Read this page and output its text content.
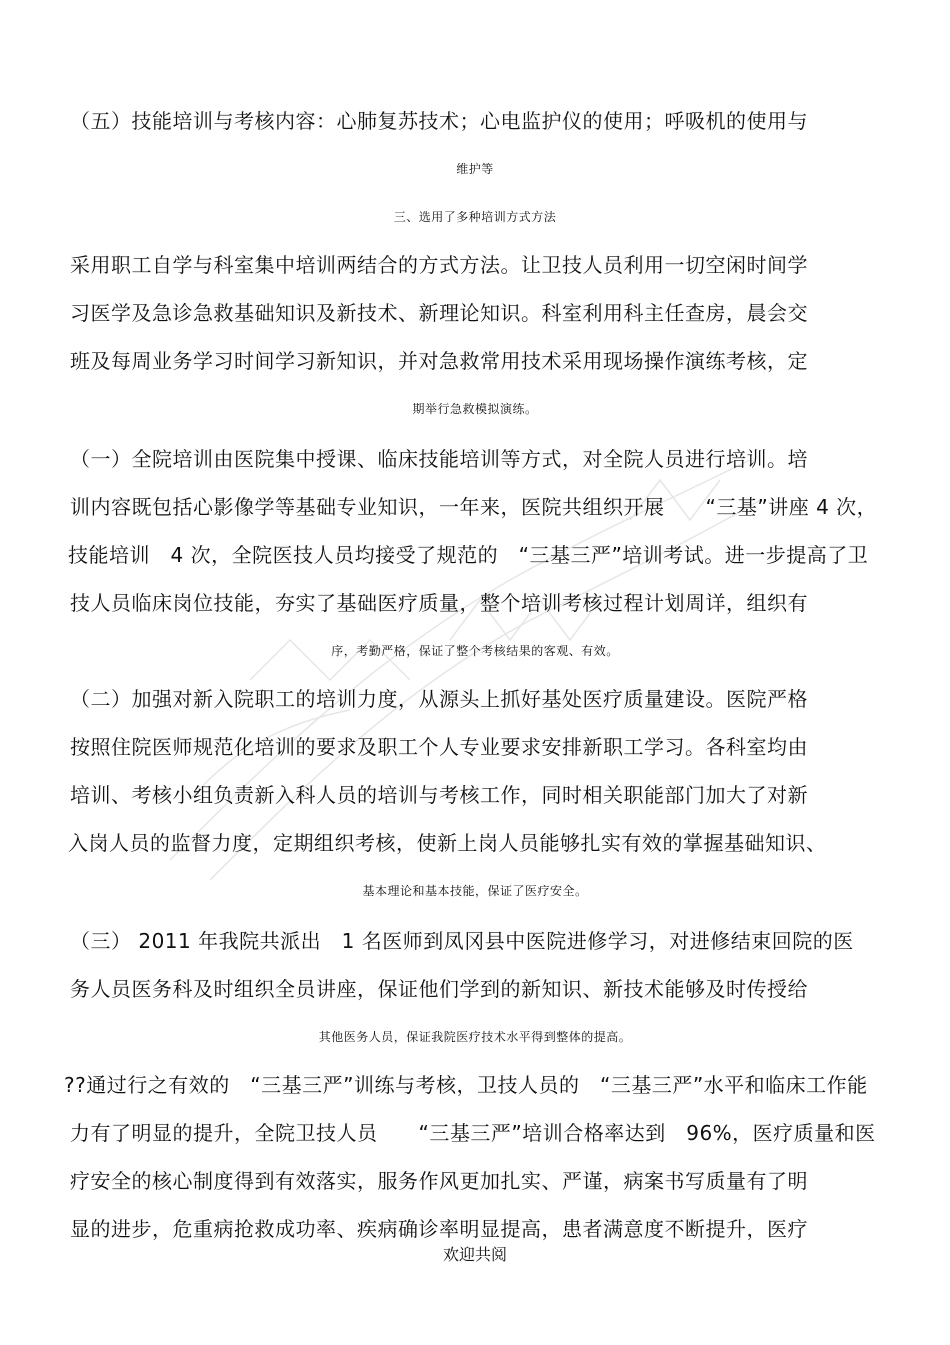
（五）技能培训与考核内容：心肺复苏技术；心电监护仪的使用；呼吸机的使用与
维护等
三、选用了多种培训方式方法
采用职工自学与科室集中培训两结合的方式方法。让卫技人员利用一切空闲时间学
习医学及急诊急救基础知识及新技术、新理论知识。科室利用科主任查房，晨会交
班及每周业务学习时间学习新知识，并对急救常用技术采用现场操作演练考核，定
期举行急救模拟演练。
（一）全院培训由医院集中授课、临床技能培训等方式，对全院人员进行培训。培
训内容既包括心影像学等基础专业知识，一年来，医院共组织开展　　“三基”讲座 4 次，
技能培训　4 次，全院医技人员均接受了规范的　“三基三严”培训考试。进一步提高了卫
技人员临床岗位技能，夯实了基础医疗质量，整个培训考核过程计划周详，组织有
序，考勤严格，保证了整个考核结果的客观、有效。
（二）加强对新入院职工的培训力度，从源头上抓好基处医疗质量建设。医院严格
按照住院医师规范化培训的要求及职工个人专业要求安排新职工学习。各科室均由
培训、考核小组负责新入科人员的培训与考核工作，同时相关职能部门加大了对新
入岗人员的监督力度，定期组织考核，使新上岗人员能够扎实有效的掌握基础知识、
基本理论和基本技能，保证了医疗安全。
（三） 2011 年我院共派出　1 名医师到凤冈县中医院进修学习，对进修结束回院的医
务人员医务科及时组织全员讲座，保证他们学到的新知识、新技术能够及时传授给
其他医务人员，保证我院医疗技术水平得到整体的提高。
??通过行之有效的　“三基三严”训练与考核，卫技人员的　“三基三严”水平和临床工作能
力有了明显的提升，全院卫技人员　　“三基三严”培训合格率达到　96%，医疗质量和医
疗安全的核心制度得到有效落实，服务作风更加扎实、严谨，病案书写质量有了明
显的进步，危重病抢救成功率、疾病确诊率明显提高，患者满意度不断提升，医疗
欢迎共阅
